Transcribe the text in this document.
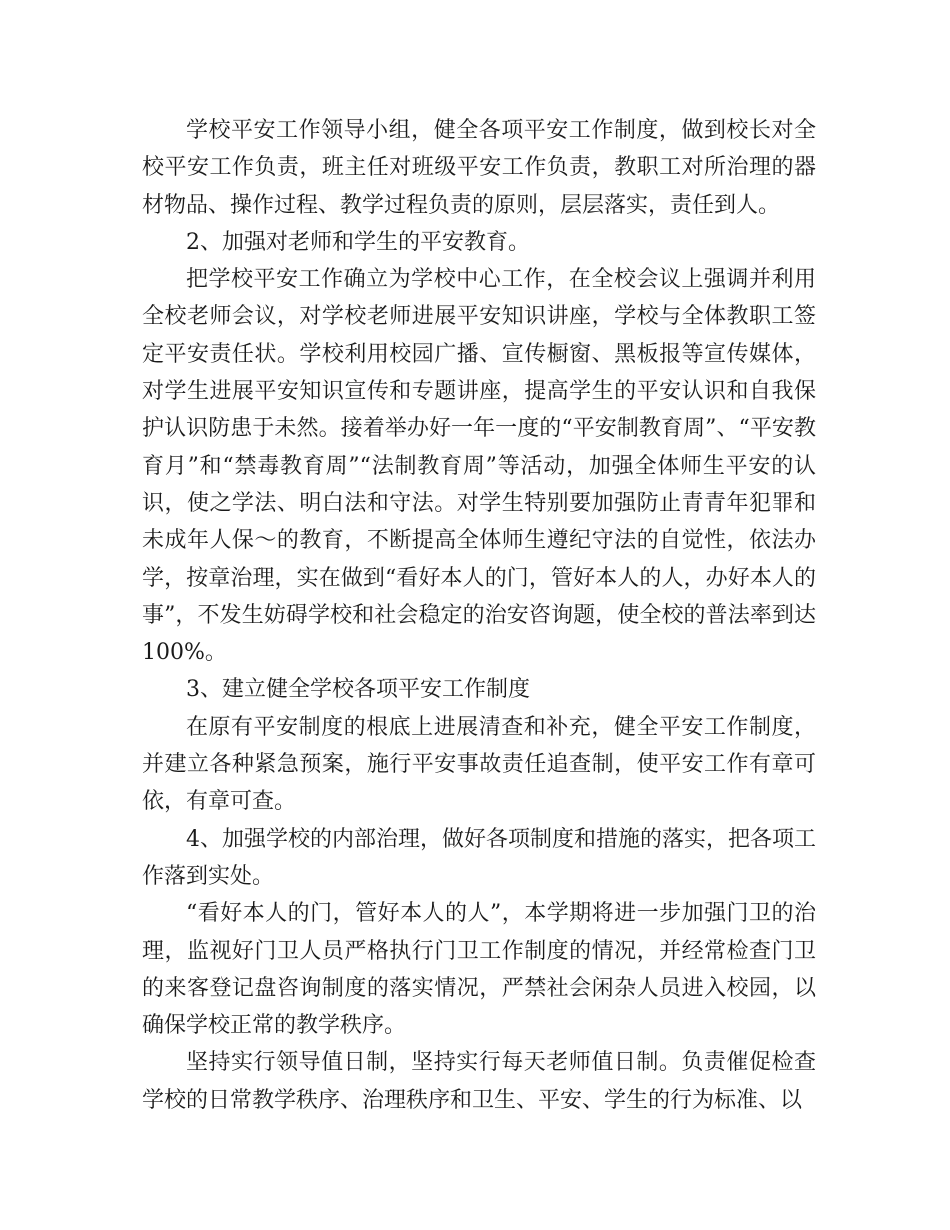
学校平安工作领导小组，健全各项平安工作制度，做到校长对全校平安工作负责，班主任对班级平安工作负责，教职工对所治理的器材物品、操作过程、教学过程负责的原则，层层落实，责任到人。

2、加强对老师和学生的平安教育。

把学校平安工作确立为学校中心工作，在全校会议上强调并利用全校老师会议，对学校老师进展平安知识讲座，学校与全体教职工签定平安责任状。学校利用校园广播、宣传橱窗、黑板报等宣传媒体，对学生进展平安知识宣传和专题讲座，提高学生的平安认识和自我保护认识防患于未然。接着举办好一年一度的“平安制教育周”、“平安教育月”和“禁毒教育周”“法制教育周”等活动，加强全体师生平安的认识，使之学法、明白法和守法。对学生特别要加强防止青青年犯罪和未成年人保～的教育，不断提高全体师生遵纪守法的自觉性，依法办学，按章治理，实在做到“看好本人的门，管好本人的人，办好本人的事”，不发生妨碍学校和社会稳定的治安咨询题，使全校的普法率到达100%。

3、建立健全学校各项平安工作制度

在原有平安制度的根底上进展清查和补充，健全平安工作制度，并建立各种紧急预案，施行平安事故责任追查制，使平安工作有章可依，有章可查。

4、加强学校的内部治理，做好各项制度和措施的落实，把各项工作落到实处。

“看好本人的门，管好本人的人”，本学期将进一步加强门卫的治理，监视好门卫人员严格执行门卫工作制度的情况，并经常检查门卫的来客登记盘咨询制度的落实情况，严禁社会闲杂人员进入校园，以确保学校正常的教学秩序。

坚持实行领导值日制，坚持实行每天老师值日制。负责催促检查学校的日常教学秩序、治理秩序和卫生、平安、学生的行为标准、以
